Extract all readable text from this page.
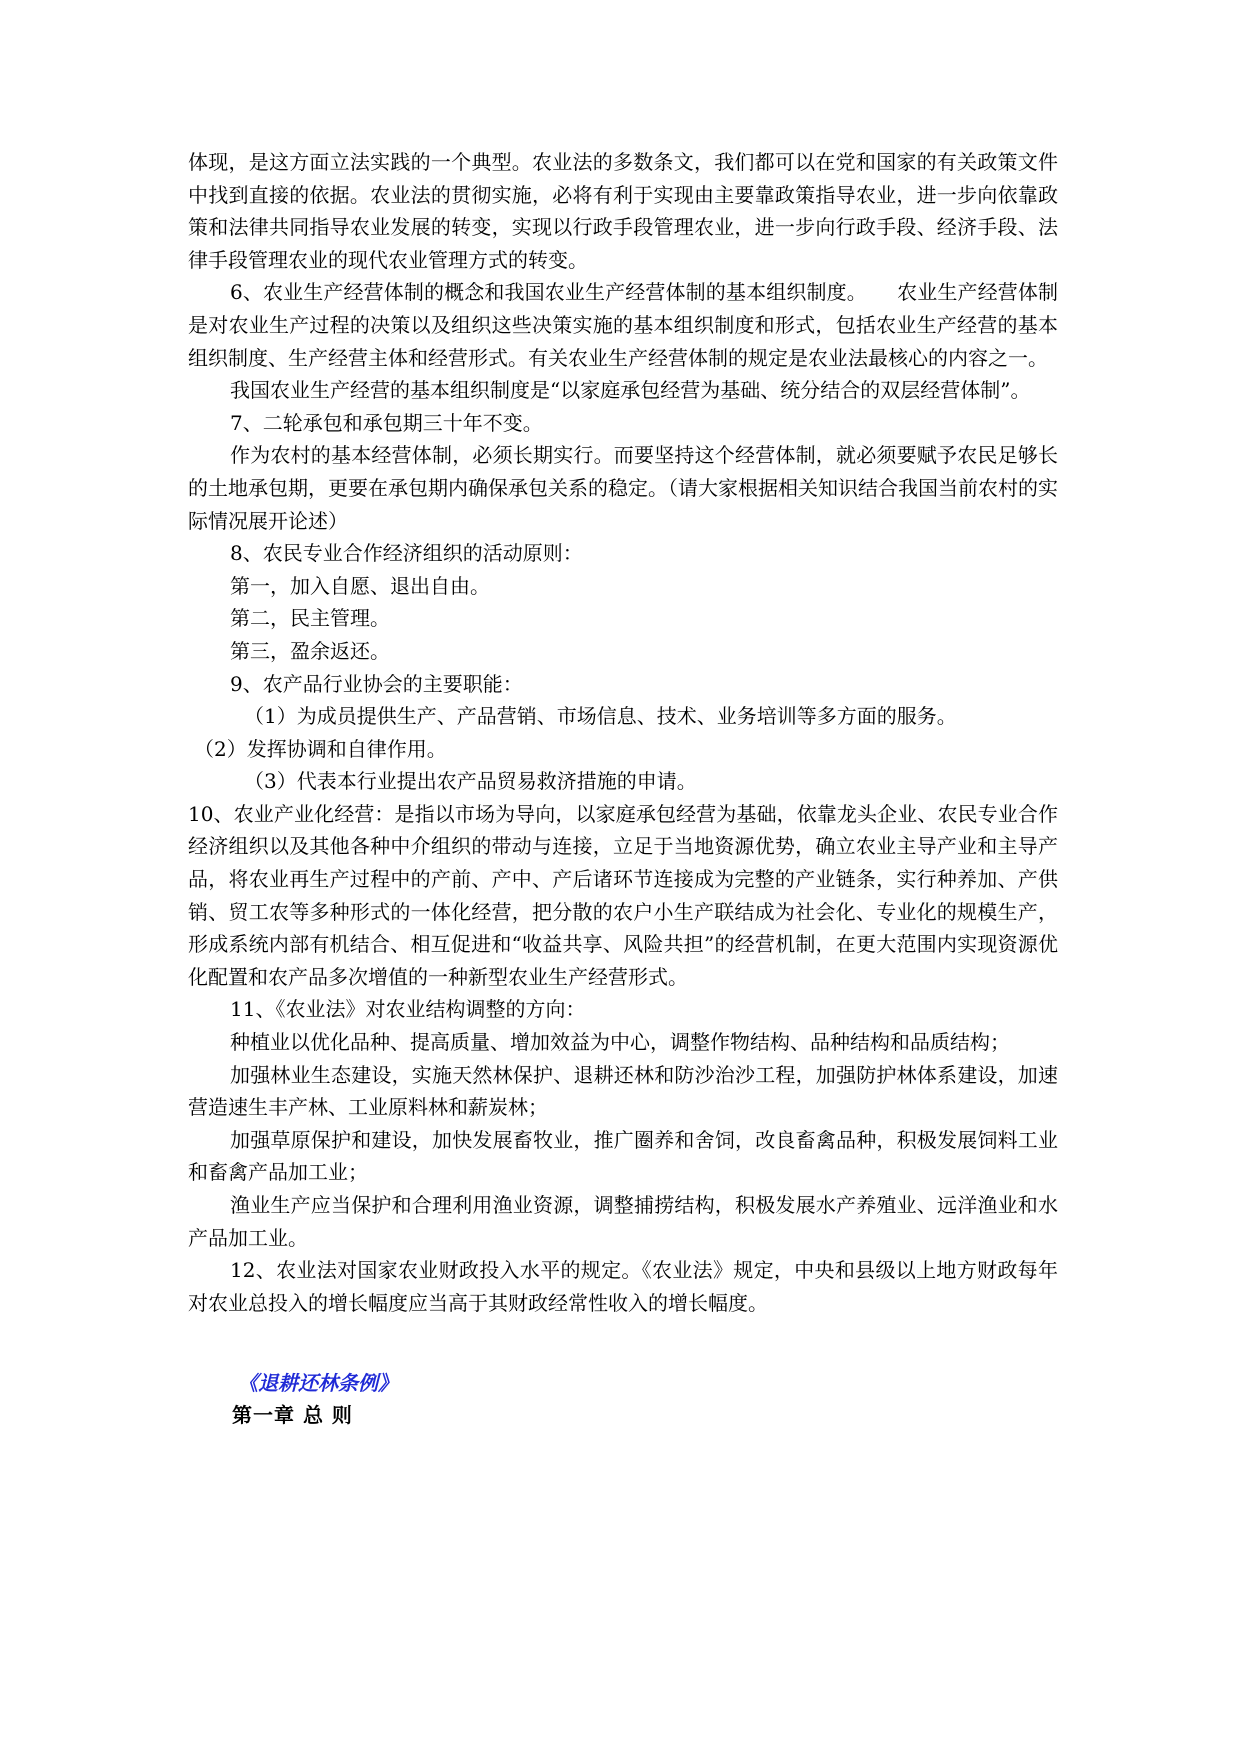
体现，是这方面立法实践的一个典型。农业法的多数条文，我们都可以在党和国家的有关政策文件中找到直接的依据。农业法的贯彻实施，必将有利于实现由主要靠政策指导农业，进一步向依靠政策和法律共同指导农业发展的转变，实现以行政手段管理农业，进一步向行政手段、经济手段、法律手段管理农业的现代农业管理方式的转变。

6、农业生产经营体制的概念和我国农业生产经营体制的基本组织制度。　　农业生产经营体制是对农业生产过程的决策以及组织这些决策实施的基本组织制度和形式，包括农业生产经营的基本组织制度、生产经营主体和经营形式。有关农业生产经营体制的规定是农业法最核心的内容之一。

我国农业生产经营的基本组织制度是“以家庭承包经营为基础、统分结合的双层经营体制”。

7、二轮承包和承包期三十年不变。

作为农村的基本经营体制，必须长期实行。而要坚持这个经营体制，就必须要赋予农民足够长的土地承包期，更要在承包期内确保承包关系的稳定。（请大家根据相关知识结合我国当前农村的实际情况展开论述）

8、农民专业合作经济组织的活动原则：

第一，加入自愿、退出自由。

第二，民主管理。

第三，盈余返还。

9、农产品行业协会的主要职能：

（1）为成员提供生产、产品营销、市场信息、技术、业务培训等多方面的服务。

（2）发挥协调和自律作用。

（3）代表本行业提出农产品贸易救济措施的申请。

10、农业产业化经营：是指以市场为导向，以家庭承包经营为基础，依靠龙头企业、农民专业合作经济组织以及其他各种中介组织的带动与连接，立足于当地资源优势，确立农业主导产业和主导产品，将农业再生产过程中的产前、产中、产后诸环节连接成为完整的产业链条，实行种养加、产供销、贸工农等多种形式的一体化经营，把分散的农户小生产联结成为社会化、专业化的规模生产，形成系统内部有机结合、相互促进和“收益共享、风险共担”的经营机制，在更大范围内实现资源优化配置和农产品多次增值的一种新型农业生产经营形式。

11、《农业法》对农业结构调整的方向：

种植业以优化品种、提高质量、增加效益为中心，调整作物结构、品种结构和品质结构；

加强林业生态建设，实施天然林保护、退耕还林和防沙治沙工程，加强防护林体系建设，加速营造速生丰产林、工业原料林和薪炭林；

加强草原保护和建设，加快发展畜牧业，推广圈养和舍饲，改良畜禽品种，积极发展饲料工业和畜禽产品加工业；

渔业生产应当保护和合理利用渔业资源，调整捕捞结构，积极发展水产养殖业、远洋渔业和水产品加工业。

12、农业法对国家农业财政投入水平的规定。《农业法》规定，中央和县级以上地方财政每年对农业总投入的增长幅度应当高于其财政经常性收入的增长幅度。

《退耕还林条例》

第一章 总 则
